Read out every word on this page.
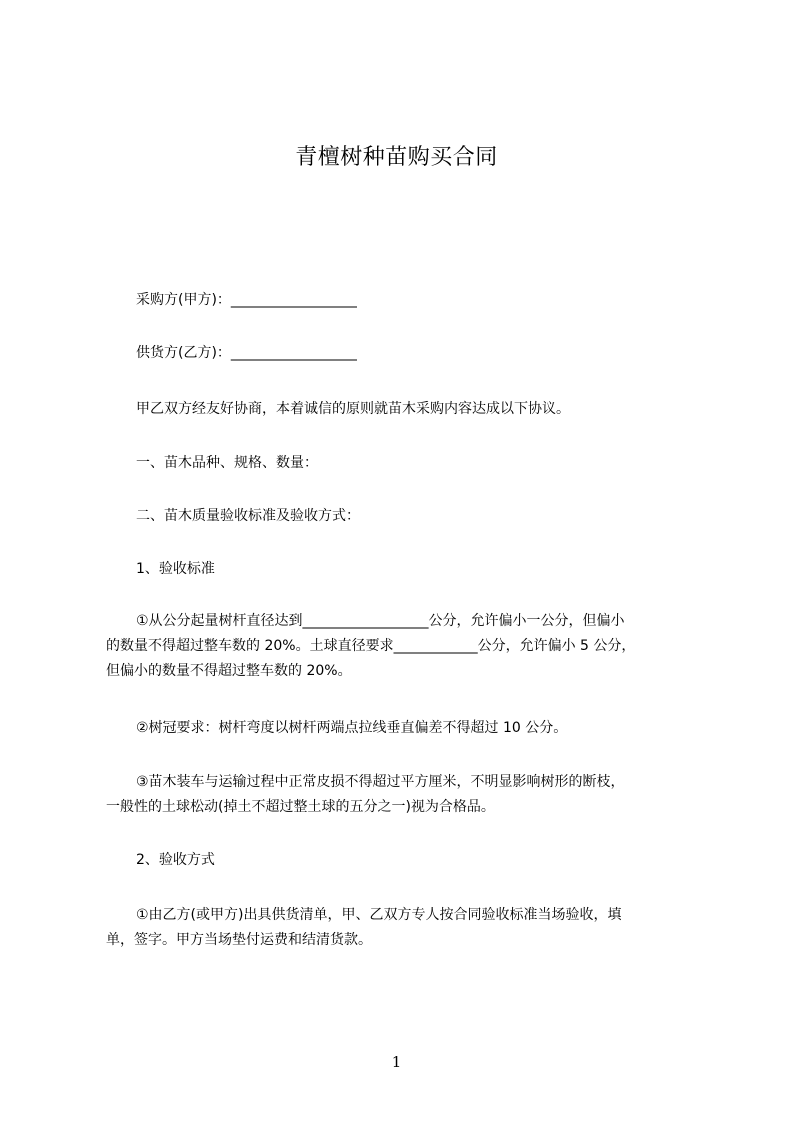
青檀树种苗购买合同
采购方(甲方)：__________________
供货方(乙方)：__________________
甲乙双方经友好协商，本着诚信的原则就苗木采购内容达成以下协议。
一、苗木品种、规格、数量：
二、苗木质量验收标准及验收方式：
1、验收标准
①从公分起量树杆直径达到__________________公分，允许偏小一公分，但偏小
的数量不得超过整车数的 20%。土球直径要求____________公分，允许偏小 5 公分，
但偏小的数量不得超过整车数的 20%。
②树冠要求：树杆弯度以树杆两端点拉线垂直偏差不得超过 10 公分。
③苗木装车与运输过程中正常皮损不得超过平方厘米，不明显影响树形的断枝，
一般性的土球松动(掉土不超过整土球的五分之一)视为合格品。
2、验收方式
①由乙方(或甲方)出具供货清单，甲、乙双方专人按合同验收标准当场验收，填
单，签字。甲方当场垫付运费和结清货款。
1
